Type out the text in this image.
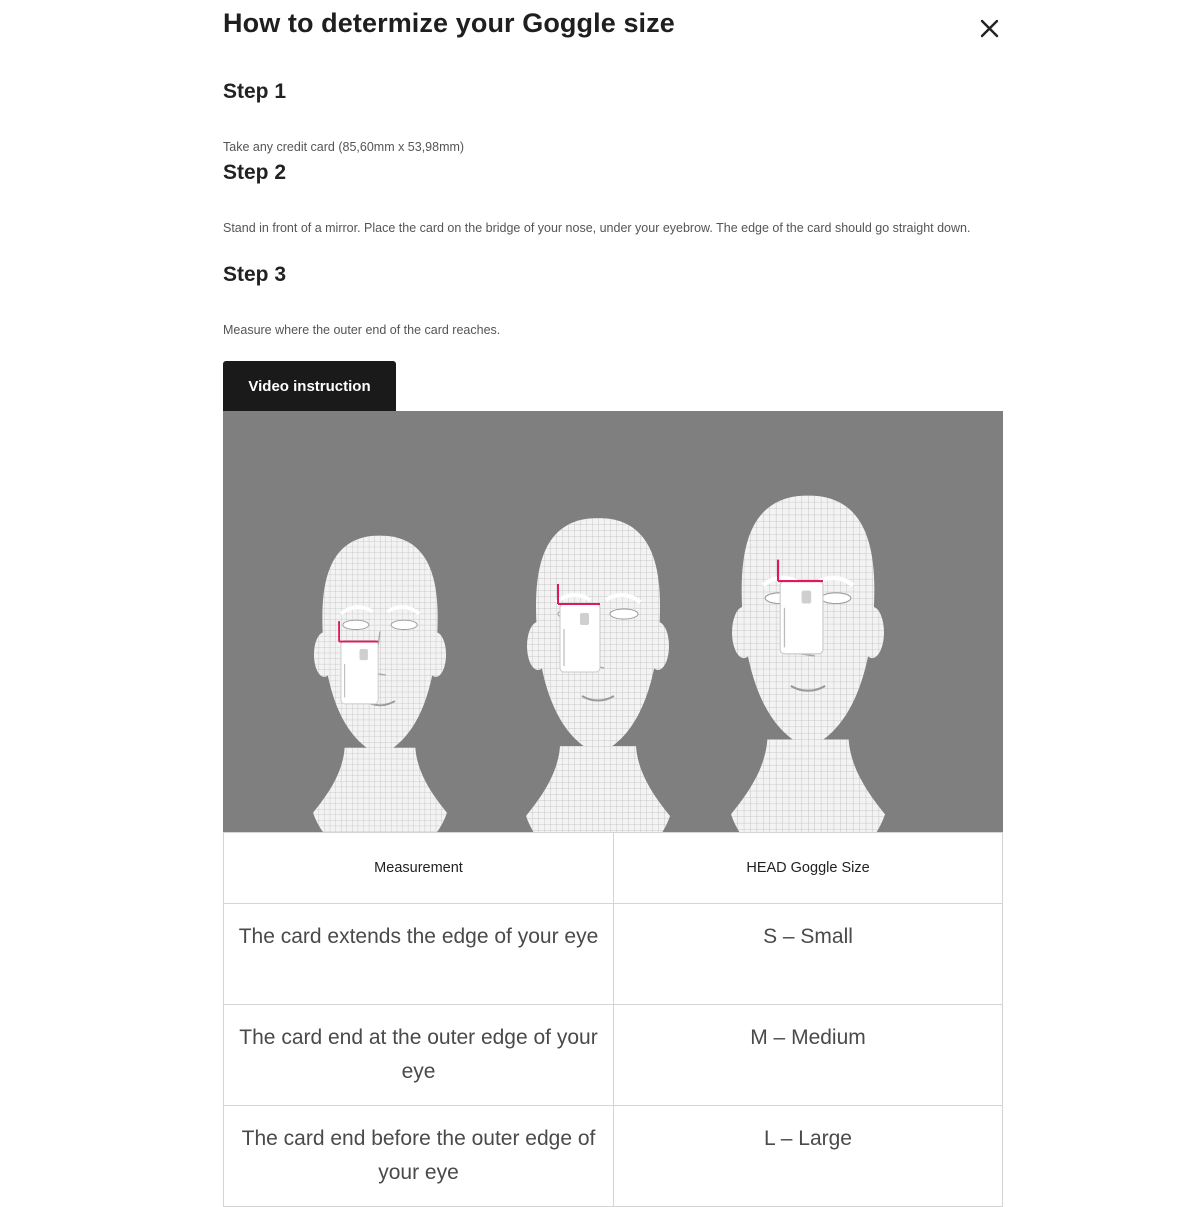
How to determize your Goggle size
Step 1

Take any credit card (85,60mm x 53,98mm)

Step 2

Stand in front of a mirror. Place the card on the bridge of your nose, under your eyebrow. The edge of the card should go straight down.

Step 3

Measure where the outer end of the card reaches.

Video instruction
Measurement	HEAD Goggle Size
The card extends the edge of your eye	S – Small
The card end at the outer edge of your eye	M – Medium
The card end before the outer edge of your eye	L – Large
